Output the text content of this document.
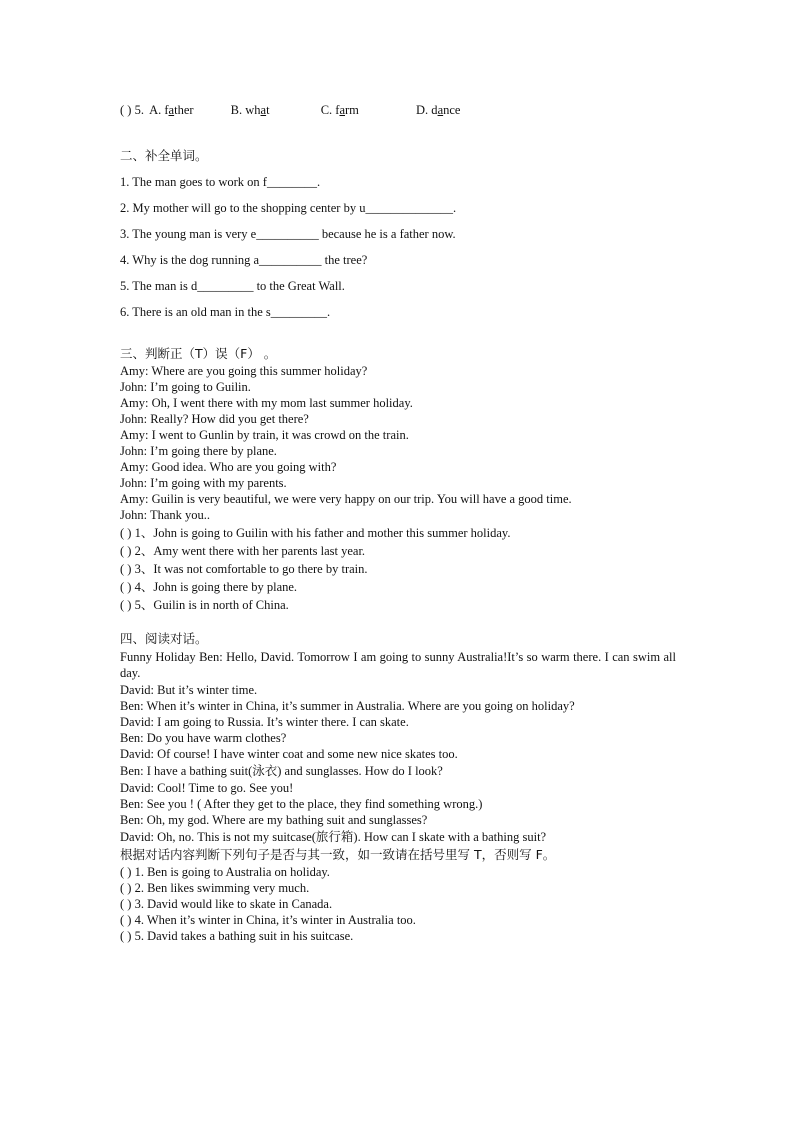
( ) 5. A. father	B. what	C. farm	D. dance
二、补全单词。
1. The man goes to work on f________.
2. My mother will go to the shopping center by u______________.
3. The young man is very e__________ because he is a father now.
4. Why is the dog running a__________ the tree?
5. The man is d_________ to the Great Wall.
6. There is an old man in the s_________.
三、判断正（T）误（F） 。
Amy: Where are you going this summer holiday?
John: I’m going to Guilin.
Amy: Oh, I went there with my mom last summer holiday.
John: Really? How did you get there?
Amy: I went to Gunlin by train, it was crowd on the train.
John: I’m going there by plane.
Amy: Good idea. Who are you going with?
John: I’m going with my parents.
Amy: Guilin is very beautiful, we were very happy on our trip. You will have a good time.
John: Thank you..
( ) 1、John is going to Guilin with his father and mother this summer holiday.
( ) 2、Amy went there with her parents last year.
( ) 3、It was not comfortable to go there by train.
( ) 4、John is going there by plane.
( ) 5、Guilin is in north of China.
四、阅读对话。
Funny Holiday Ben: Hello, David. Tomorrow I am going to sunny Australia!It’s so warm there. I can swim all day.
David: But it’s winter time.
Ben: When it’s winter in China, it’s summer in Australia. Where are you going on holiday?
David: I am going to Russia. It’s winter there. I can skate.
Ben: Do you have warm clothes?
David: Of course! I have winter coat and some new nice skates too.
Ben: I have a bathing suit(泳衣) and sunglasses. How do I look?
David: Cool! Time to go. See you!
Ben: See you ! ( After they get to the place, they find something wrong.)
Ben: Oh, my god. Where are my bathing suit and sunglasses?
David: Oh, no. This is not my suitcase(旅行箱). How can I skate with a bathing suit?
根据对话内容判断下列句子是否与其一致，如一致请在括号里写 T，否则写 F。
( ) 1. Ben is going to Australia on holiday.
( ) 2. Ben likes swimming very much.
( ) 3. David would like to skate in Canada.
( ) 4. When it’s winter in China, it’s winter in Australia too.
( ) 5. David takes a bathing suit in his suitcase.
